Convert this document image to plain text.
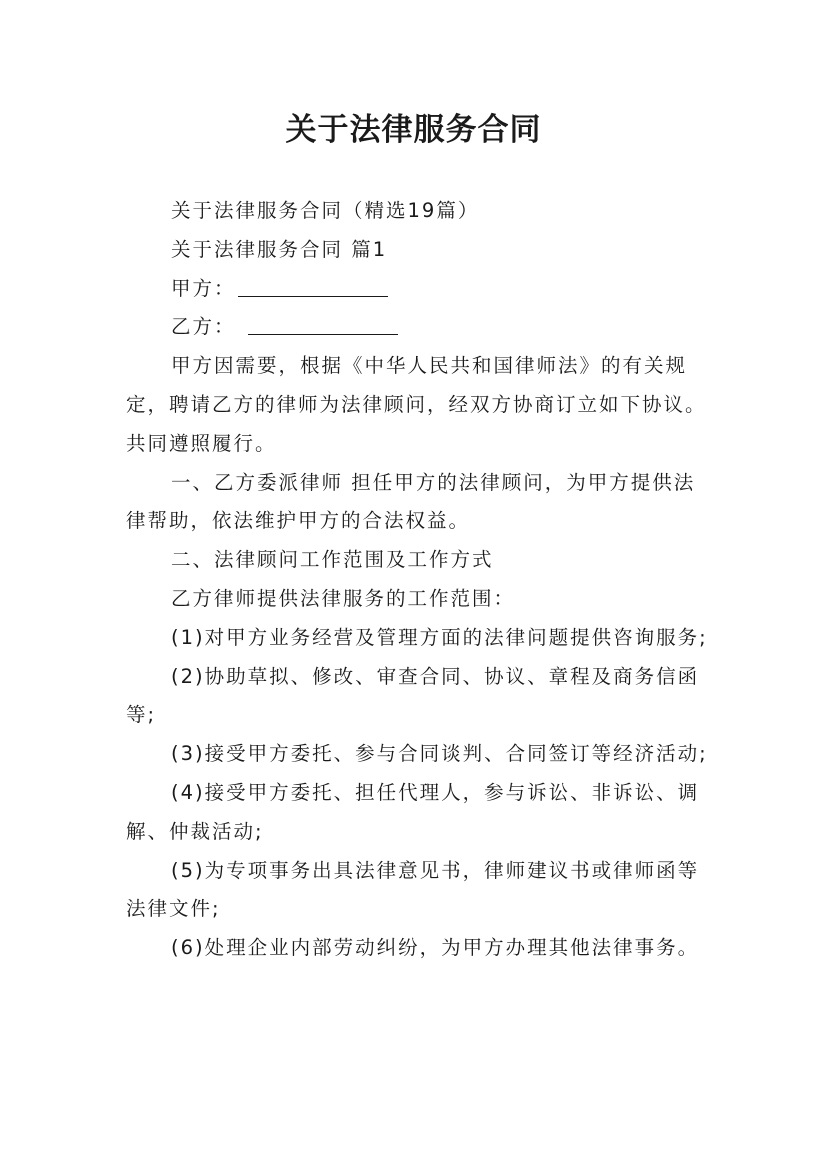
关于法律服务合同

关于法律服务合同（精选19篇）

关于法律服务合同 篇1

甲方：

乙方：

甲方因需要，根据《中华人民共和国律师法》的有关规定，聘请乙方的律师为法律顾问，经双方协商订立如下协议。共同遵照履行。

一、乙方委派律师 担任甲方的法律顾问，为甲方提供法律帮助，依法维护甲方的合法权益。

二、法律顾问工作范围及工作方式

乙方律师提供法律服务的工作范围：

(1)对甲方业务经营及管理方面的法律问题提供咨询服务;

(2)协助草拟、修改、审查合同、协议、章程及商务信函等;

(3)接受甲方委托、参与合同谈判、合同签订等经济活动;

(4)接受甲方委托、担任代理人，参与诉讼、非诉讼、调解、仲裁活动;

(5)为专项事务出具法律意见书，律师建议书或律师函等法律文件;

(6)处理企业内部劳动纠纷，为甲方办理其他法律事务。
